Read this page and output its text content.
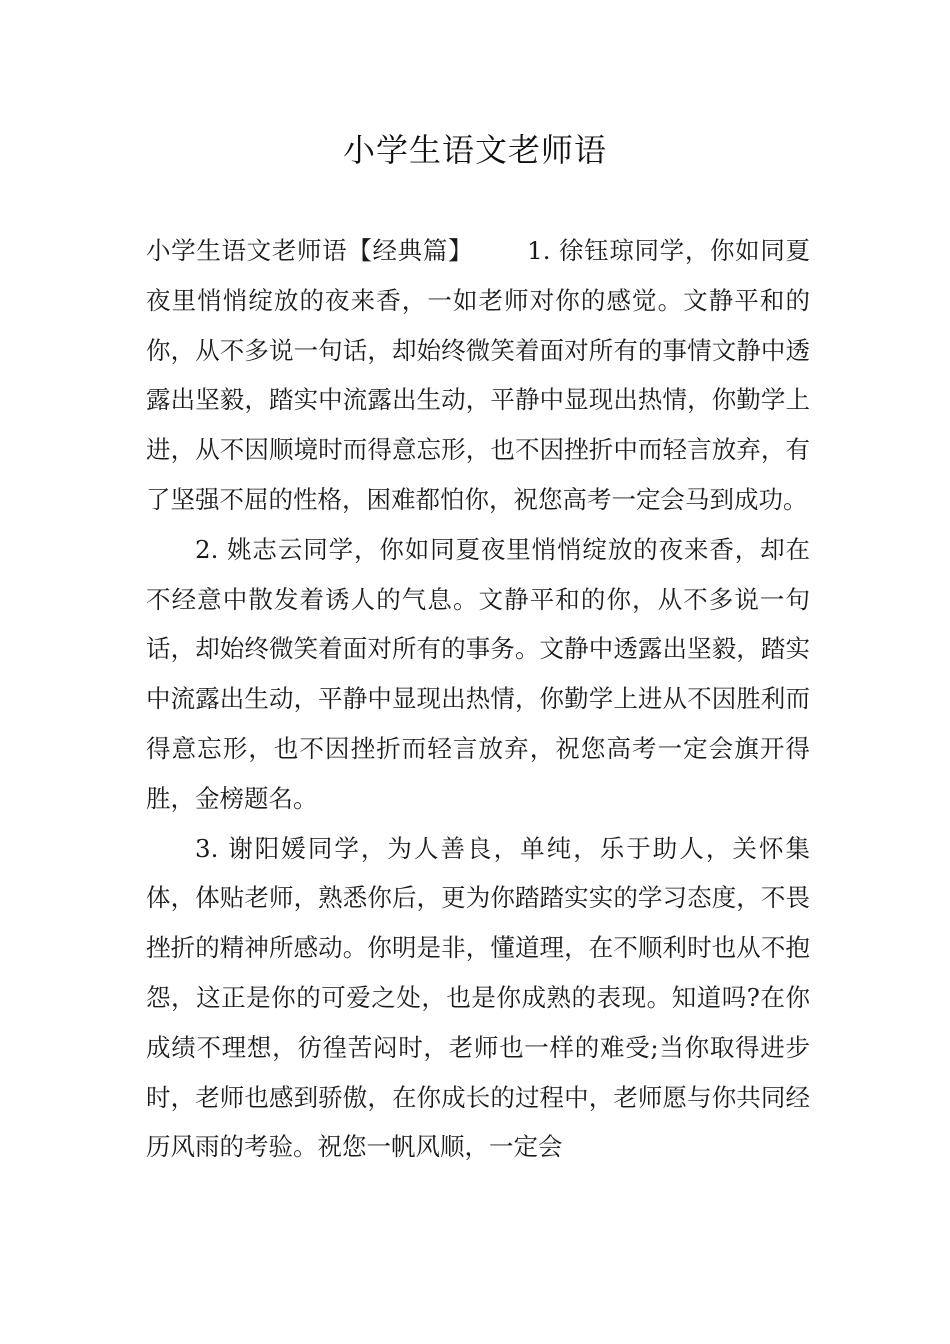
小学生语文老师语

小学生语文老师语【经典篇】 1. 徐钰琼同学，你如同夏夜里悄悄绽放的夜来香，一如老师对你的感觉。文静平和的你，从不多说一句话，却始终微笑着面对所有的事情文静中透露出坚毅，踏实中流露出生动，平静中显现出热情，你勤学上进，从不因顺境时而得意忘形，也不因挫折中而轻言放弃，有了坚强不屈的性格，困难都怕你，祝您高考一定会马到成功。

2. 姚志云同学，你如同夏夜里悄悄绽放的夜来香，却在不经意中散发着诱人的气息。文静平和的你，从不多说一句话，却始终微笑着面对所有的事务。文静中透露出坚毅，踏实中流露出生动，平静中显现出热情，你勤学上进从不因胜利而得意忘形，也不因挫折而轻言放弃，祝您高考一定会旗开得胜，金榜题名。

3. 谢阳媛同学，为人善良，单纯，乐于助人，关怀集体，体贴老师，熟悉你后，更为你踏踏实实的学习态度，不畏挫折的精神所感动。你明是非，懂道理，在不顺利时也从不抱怨，这正是你的可爱之处，也是你成熟的表现。知道吗?在你成绩不理想，彷徨苦闷时，老师也一样的难受;当你取得进步时，老师也感到骄傲，在你成长的过程中，老师愿与你共同经历风雨的考验。祝您一帆风顺，一定会
